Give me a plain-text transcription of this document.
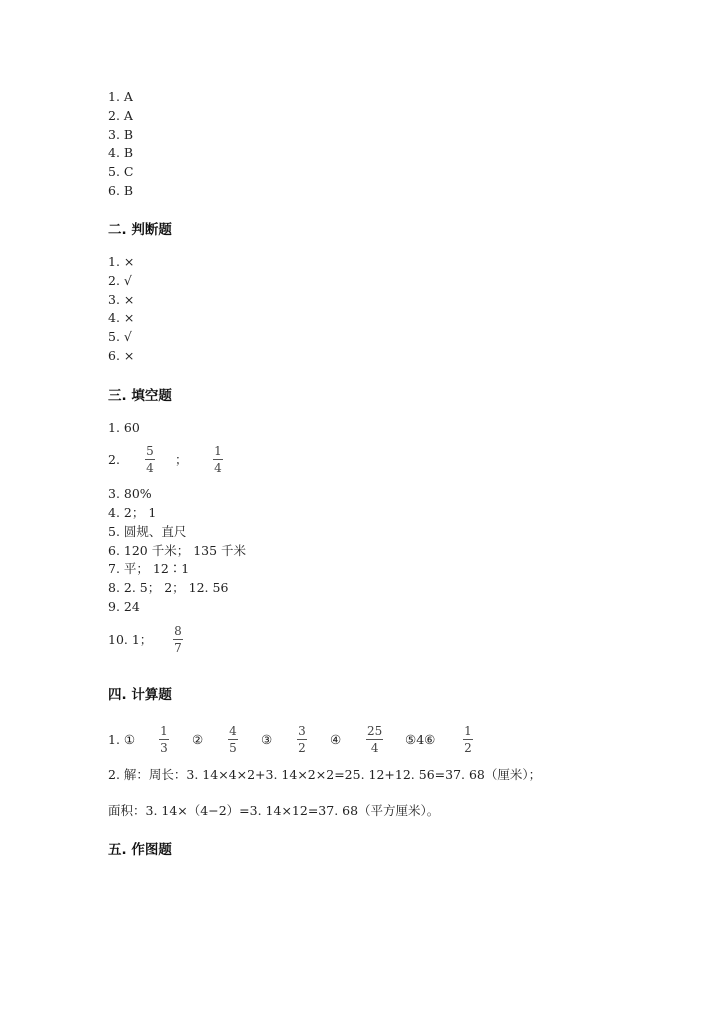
1. A
2. A
3. B
4. B
5. C
6. B
二. 判断题
1. ×
2. √
3. ×
4. ×
5. √
6. ×
三. 填空题
1. 60
2.
5
4
；
1
4
3. 80%
4. 2； 1
5. 圆规、直尺
6. 120 千米； 135 千米
7. 平； 12∶1
8. 2. 5； 2； 12. 56
9. 24
10. 1；
8
7
四. 计算题
1. ①
1
3
②
4
5
③
3
2
④
25
4
⑤4⑥
1
2
2. 解：周长：3. 14×4×2+3. 14×2×2=25. 12+12. 56=37. 68（厘米）；
面积：3. 14×（4−2）=3. 14×12=37. 68（平方厘米）。
五. 作图题
